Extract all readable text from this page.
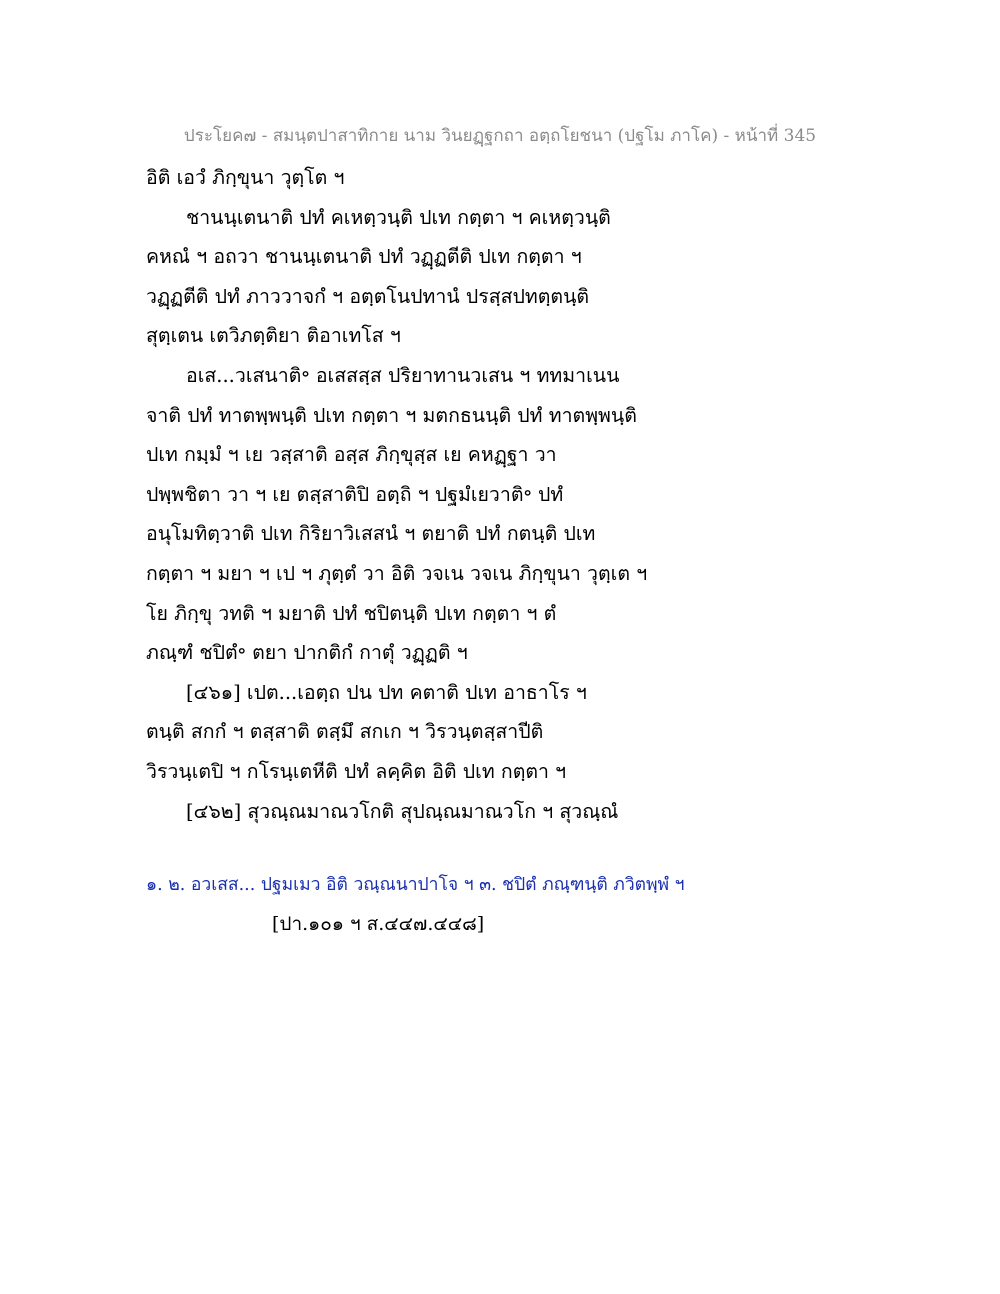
ประโยค๗ - สมนฺตปาสาทิกาย นาม วินยฏฺฐกถา อตฺถโยชนา (ปฐโม ภาโค) - หน้าที่ 345
อิติ เอวํ ภิกฺขุนา วุตฺโต ฯ
ชานนฺเตนาติ ปทํ คเหตฺวนฺติ ปเท กตฺตา ฯ คเหตฺวนฺติ
คหณํ ฯ อถวา ชานนฺเตนาติ ปทํ วฏฺฏตีติ ปเท กตฺตา ฯ
วฏฺฏตีติ ปทํ ภาววาจกํ ฯ อตฺตโนปทานํ ปรสฺสปทตฺตนฺติ
สุตฺเตน เตวิภตฺติยา ติอาเทโส ฯ
อเส...วเสนาติ॰ อเสสสฺส ปริยาทานวเสน ฯ ททมาเนน
จาติ ปทํ ทาตพฺพนฺติ ปเท กตฺตา ฯ มตกธนนฺติ ปทํ ทาตพฺพนฺติ
ปเท กมฺมํ ฯ เย วสฺสาติ อสฺส ภิกฺขุสฺส เย คหฏฺฐา วา
ปพฺพชิตา วา ฯ เย ตสฺสาติปิ อตฺถิ ฯ ปฐมํเยวาติ॰ ปทํ
อนุโมทิตฺวาติ ปเท กิริยาวิเสสนํ ฯ ตยาติ ปทํ กตนฺติ ปเท
กตฺตา ฯ มยา ฯ เป ฯ ภุตฺตํ วา อิติ วจเน วจเน ภิกฺขุนา วุตฺเต ฯ
โย ภิกฺขุ วทติ ฯ มยาติ ปทํ ชปิตนฺติ ปเท กตฺตา ฯ ตํ
ภณฺฑํ ชปิตํ॰ ตยา ปากติกํ กาตุํ วฏฺฏติ ฯ
[๔๖๑] เปต...เอตฺถ ปน ปท คตาติ ปเท อาธาโร ฯ
ตนฺติ สกกํ ฯ ตสฺสาติ ตสฺมึ สกเก ฯ วิรวนฺตสฺสาปีติ
วิรวนฺเตปิ ฯ กโรนฺเตหีติ ปทํ ลคฺคิต อิติ ปเท กตฺตา ฯ
[๔๖๒] สุวณฺณมาณวโกติ สุปณฺณมาณวโก ฯ สุวณฺณํ
๑. ๒. อวเสส... ปฐมเมว อิติ วณฺณนาปาโจ ฯ ๓. ชปิตํ ภณฺฑนฺติ ภวิตพฺพํ ฯ
[ปา.๑๐๑ ฯ ส.๔๔๗.๔๔๘]
